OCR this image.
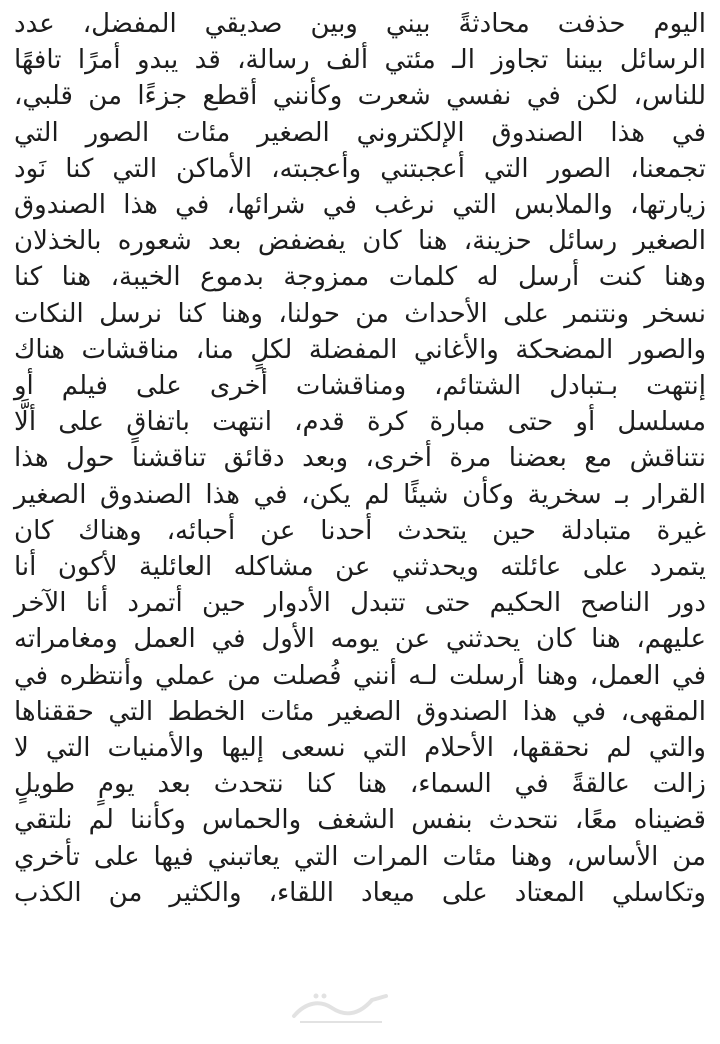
اليوم حذفت محادثةً بيني وبين صديقي المفضل، عدد
الرسائل بيننا تجاوز الـ مئتي ألف رسالة، قد يبدو أمرًا تافهًا
للناس، لكن في نفسي شعرت وكأنني أقطع جزءًا من قلبي،
في هذا الصندوق الإلكتروني الصغير مئات الصور التي
تجمعنا، الصور التي أعجبتني وأعجبته، الأماكن التي كنا نَود
زيارتها، والملابس التي نرغب في شرائها، في هذا الصندوق
الصغير رسائل حزينة، هنا كان يفضفض بعد شعوره بالخذلان
وهنا كنت أرسل له كلمات ممزوجة بدموع الخيبة، هنا كنا
نسخر ونتنمر على الأحداث من حولنا، وهنا كنا نرسل النكات
والصور المضحكة والأغاني المفضلة لكلٍ منا، مناقشات هناك
إنتهت بـتبادل الشتائم، ومناقشات أخرى على فيلم أو
مسلسل أو حتى مبارة كرة قدم، انتهت باتفاقٍ على ألَّا
نتناقش مع بعضنا مرة أخرى، وبعد دقائق تناقشنا حول هذا
القرار بـ سخرية وكأن شيئًا لم يكن، في هذا الصندوق الصغير
غيرة متبادلة حين يتحدث أحدنا عن أحبائه، وهناك كان
يتمرد على عائلته ويحدثني عن مشاكله العائلية لأكون أنا
دور الناصح الحكيم حتى تتبدل الأدوار حين أتمرد أنا الآخر
عليهم، هنا كان يحدثني عن يومه الأول في العمل ومغامراته
في العمل، وهنا أرسلت لـه أنني فُصلت من عملي وأنتظره في
المقهى، في هذا الصندوق الصغير مئات الخطط التي حققناها
والتي لم نحققها، الأحلام التي نسعى إليها والأمنيات التي لا
زالت عالقةً في السماء، هنا كنا نتحدث بعد يومٍ طويلٍ
قضيناه معًا، نتحدث بنفس الشغف والحماس وكأننا لم نلتقي
من الأساس، وهنا مئات المرات التي يعاتبني فيها على تأخري
وتكاسلي المعتاد على ميعاد اللقاء، والكثير من الكذب
